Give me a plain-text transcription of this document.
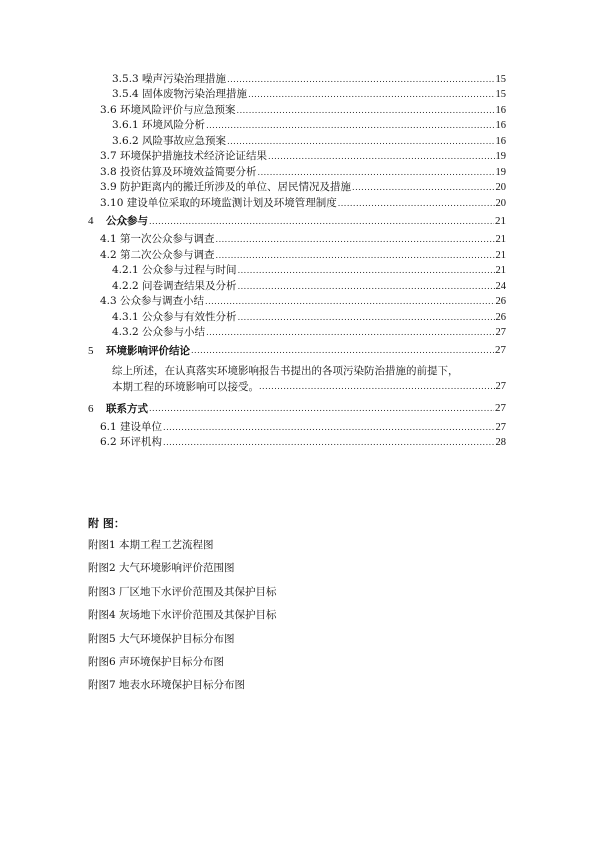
3.5.3 噪声污染治理措施 .....	15
3.5.4 固体废物污染治理措施 .....	15
3.6 环境风险评价与应急预案 .....	16
3.6.1 环境风险分析 .....	16
3.6.2 风险事故应急预案 .....	16
3.7 环境保护措施技术经济论证结果 .....	19
3.8 投资估算及环境效益简要分析 .....	19
3.9 防护距离内的搬迁所涉及的单位、居民情况及措施 .....	20
3.10 建设单位采取的环境监测计划及环境管理制度 .....	20
4 公众参与 .....	21
4.1 第一次公众参与调查 .....	21
4.2 第二次公众参与调查 .....	21
4.2.1 公众参与过程与时间 .....	21
4.2.2 问卷调查结果及分析 .....	24
4.3 公众参与调查小结 .....	26
4.3.1 公众参与有效性分析 .....	26
4.3.2 公众参与小结 .....	27
5 环境影响评价结论 .....	27
综上所述，在认真落实环境影响报告书提出的各项污染防治措施的前提下，
本期工程的环境影响可以接受。 .....	27
6 联系方式 .....	27
6.1 建设单位 .....	27
6.2 环评机构 .....	28
附 图：
附图1 本期工程工艺流程图
附图2 大气环境影响评价范围图
附图3 厂区地下水评价范围及其保护目标
附图4 灰场地下水评价范围及其保护目标
附图5 大气环境保护目标分布图
附图6 声环境保护目标分布图
附图7 地表水环境保护目标分布图
